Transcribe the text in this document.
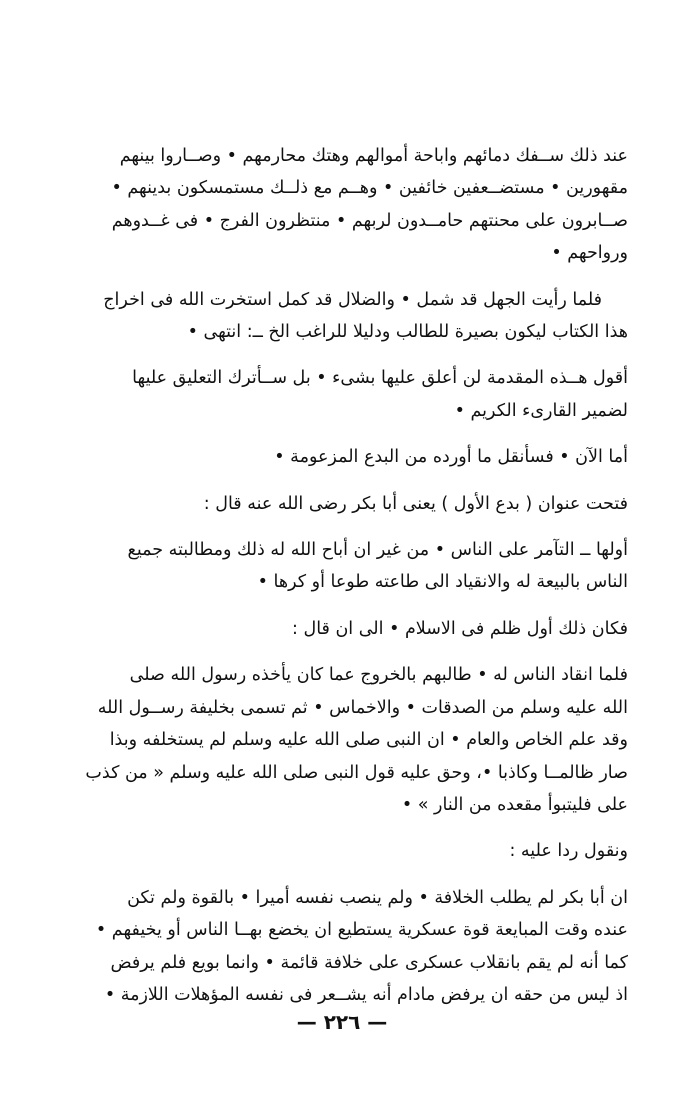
عند ذلك ســفك دمائهم واباحة أموالهم وهتك محارمهم • وصــاروا بينهم
مقهورين • مستضــعفين خائفين • وهــم مع ذلــك مستمسكون بدينهم •
صــابرون على محنتهم حامــدون لربهم • منتظرون الفرج • فى غــدوهم
ورواحهم •
فلما رأيت الجهل قد شمل • والضلال قد كمل استخرت الله فى اخراج
هذا الكتاب ليكون بصيرة للطالب ودليلا للراغب الخ ــ: انتهى •
أقول هــذه المقدمة لن أعلق عليها بشىء • بل ســأترك التعليق عليها
لضمير القارىء الكريم •
أما الآن • فسأنقل ما أورده من البدع المزعومة •
فتحت عنوان ( بدع الأول ) يعنى أبا بكر رضى الله عنه قال :
أولها ــ التآمر على الناس • من غير ان أباح الله له ذلك ومطالبته جميع
الناس بالبيعة له والانقياد الى طاعته طوعا أو كرها •
فكان ذلك أول ظلم فى الاسلام • الى ان قال :
فلما انقاد الناس له • طالبهم بالخروج عما كان يأخذه رسول الله صلى
الله عليه وسلم من الصدقات • والاخماس • ثم تسمى بخليفة رســول الله
وقد علم الخاص والعام • ان النبى صلى الله عليه وسلم لم يستخلفه وبذا
صار ظالمــا وكاذبا •، وحق عليه قول النبى صلى الله عليه وسلم « من كذب
على فليتبوأ مقعده من النار » •
ونقول ردا عليه :
ان أبا بكر لم يطلب الخلافة • ولم ينصب نفسه أميرا • بالقوة ولم تكن
عنده وقت المبايعة قوة عسكرية يستطيع ان يخضع بهــا الناس أو يخيفهم •
كما أنه لم يقم بانقلاب عسكرى على خلافة قائمة • وانما بويع فلم يرفض
اذ ليس من حقه ان يرفض مادام أنه يشــعر فى نفسه المؤهلات اللازمة •
— ٢٢٦ —
